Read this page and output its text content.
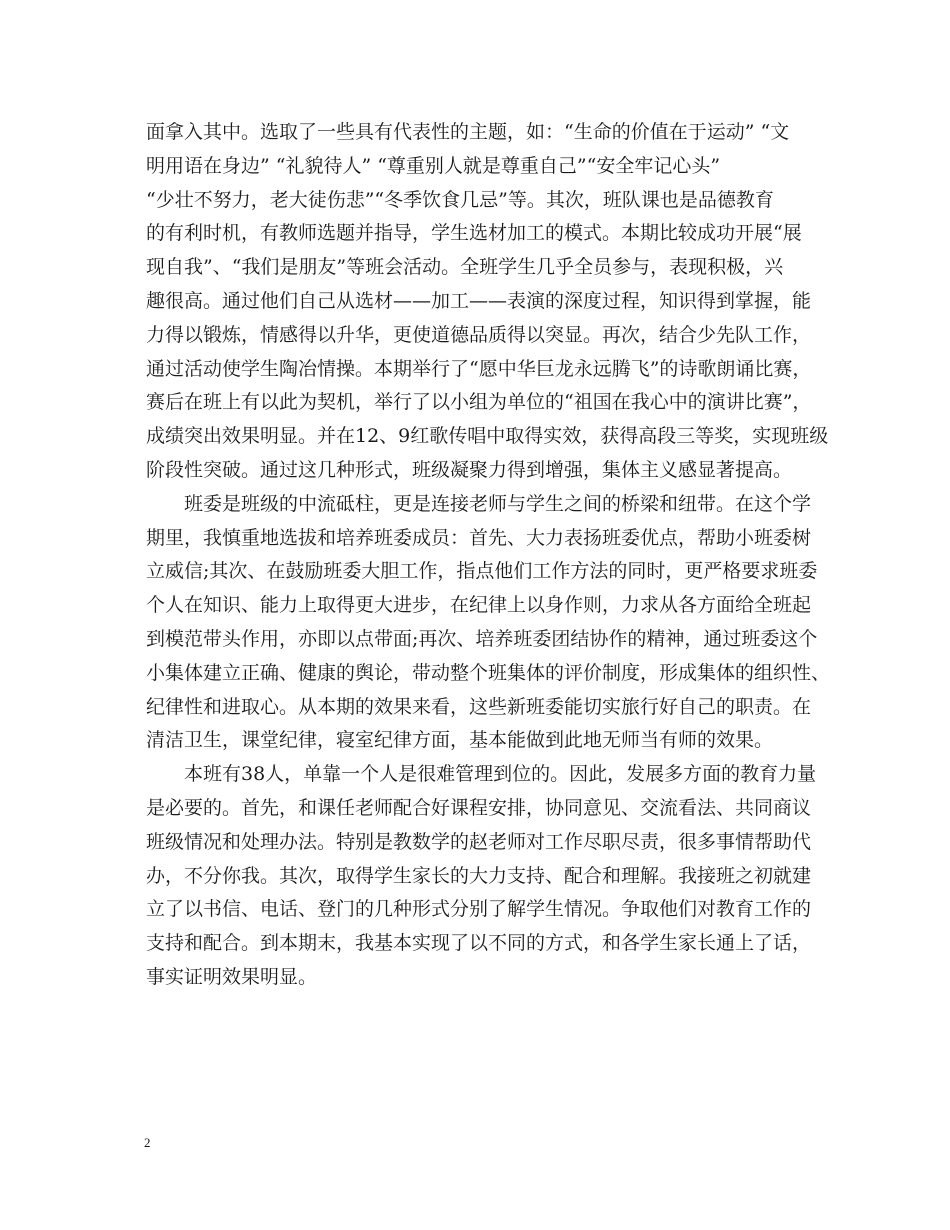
面拿入其中。选取了一些具有代表性的主题，如：“生命的价值在于运动” “文
明用语在身边” “礼貌待人” “尊重别人就是尊重自己”“安全牢记心头”
“少壮不努力，老大徒伤悲”“冬季饮食几忌”等。其次，班队课也是品德教育
的有利时机，有教师选题并指导，学生选材加工的模式。本期比较成功开展“展
现自我”、“我们是朋友”等班会活动。全班学生几乎全员参与，表现积极，兴
趣很高。通过他们自己从选材——加工——表演的深度过程，知识得到掌握，能
力得以锻炼，情感得以升华，更使道德品质得以突显。再次，结合少先队工作，
通过活动使学生陶冶情操。本期举行了“愿中华巨龙永远腾飞”的诗歌朗诵比赛，
赛后在班上有以此为契机，举行了以小组为单位的“祖国在我心中的演讲比赛”，
成绩突出效果明显。并在12、9红歌传唱中取得实效，获得高段三等奖，实现班级
阶段性突破。通过这几种形式，班级凝聚力得到增强，集体主义感显著提高。
班委是班级的中流砥柱，更是连接老师与学生之间的桥梁和纽带。在这个学
期里，我慎重地选拔和培养班委成员：首先、大力表扬班委优点，帮助小班委树
立威信;其次、在鼓励班委大胆工作，指点他们工作方法的同时，更严格要求班委
个人在知识、能力上取得更大进步，在纪律上以身作则，力求从各方面给全班起
到模范带头作用，亦即以点带面;再次、培养班委团结协作的精神，通过班委这个
小集体建立正确、健康的舆论，带动整个班集体的评价制度，形成集体的组织性、
纪律性和进取心。从本期的效果来看，这些新班委能切实旅行好自己的职责。在
清洁卫生，课堂纪律，寝室纪律方面，基本能做到此地无师当有师的效果。
本班有38人，单靠一个人是很难管理到位的。因此，发展多方面的教育力量
是必要的。首先，和课任老师配合好课程安排，协同意见、交流看法、共同商议
班级情况和处理办法。特别是教数学的赵老师对工作尽职尽责，很多事情帮助代
办，不分你我。其次，取得学生家长的大力支持、配合和理解。我接班之初就建
立了以书信、电话、登门的几种形式分别了解学生情况。争取他们对教育工作的
支持和配合。到本期末，我基本实现了以不同的方式，和各学生家长通上了话，
事实证明效果明显。
2
